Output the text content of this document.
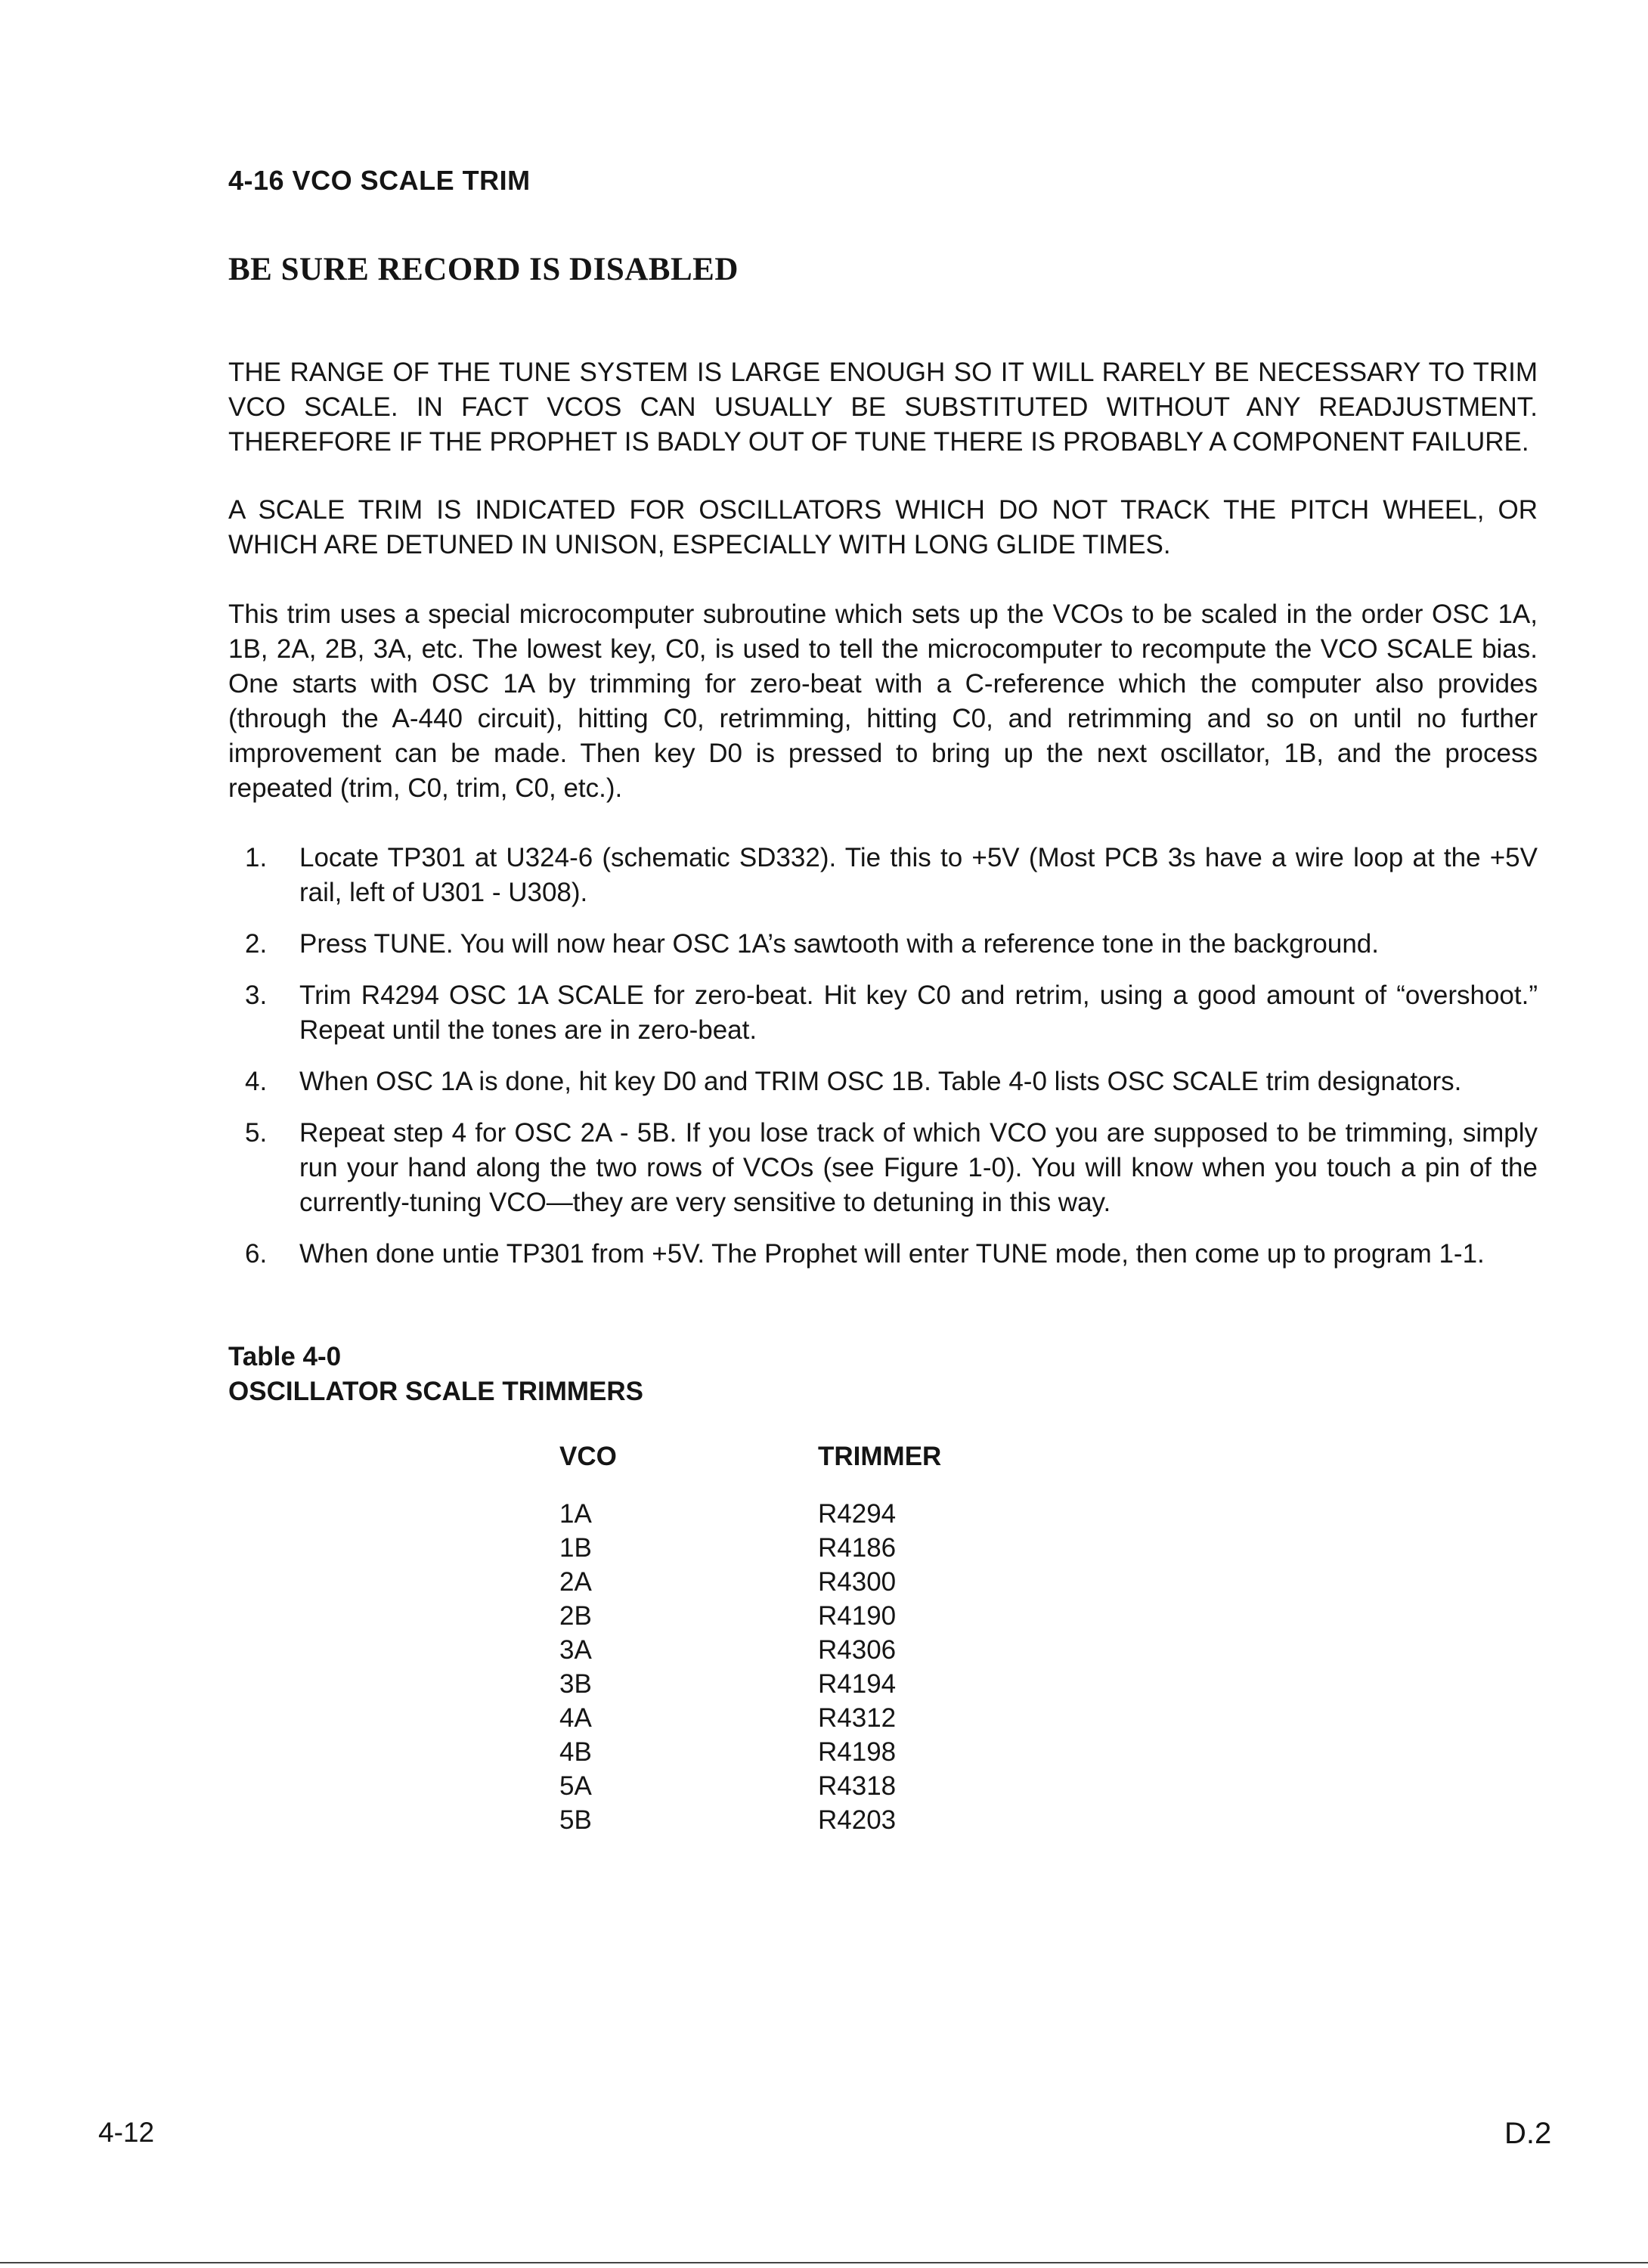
4-16 VCO SCALE TRIM
BE SURE RECORD IS DISABLED

THE RANGE OF THE TUNE SYSTEM IS LARGE ENOUGH SO IT WILL RARELY BE NECESSARY TO TRIM VCO SCALE. IN FACT VCOS CAN USUALLY BE SUBSTITUTED WITHOUT ANY READJUSTMENT. THEREFORE IF THE PROPHET IS BADLY OUT OF TUNE THERE IS PROBABLY A COMPONENT FAILURE.

A SCALE TRIM IS INDICATED FOR OSCILLATORS WHICH DO NOT TRACK THE PITCH WHEEL, OR WHICH ARE DETUNED IN UNISON, ESPECIALLY WITH LONG GLIDE TIMES.

This trim uses a special microcomputer subroutine which sets up the VCOs to be scaled in the order OSC 1A, 1B, 2A, 2B, 3A, etc. The lowest key, C0, is used to tell the microcomputer to recompute the VCO SCALE bias. One starts with OSC 1A by trimming for zero-beat with a C-reference which the computer also provides (through the A-440 circuit), hitting C0, retrimming, hitting C0, and retrimming and so on until no further improvement can be made. Then key D0 is pressed to bring up the next oscillator, 1B, and the process repeated (trim, C0, trim, C0, etc.).

1.	Locate TP301 at U324-6 (schematic SD332). Tie this to +5V (Most PCB 3s have a wire loop at the +5V rail, left of U301 - U308).
2.	Press TUNE. You will now hear OSC 1A’s sawtooth with a reference tone in the background.
3.	Trim R4294 OSC 1A SCALE for zero-beat. Hit key C0 and retrim, using a good amount of “overshoot.” Repeat until the tones are in zero-beat.
4.	When OSC 1A is done, hit key D0 and TRIM OSC 1B. Table 4-0 lists OSC SCALE trim designators.
5.	Repeat step 4 for OSC 2A - 5B. If you lose track of which VCO you are supposed to be trimming, simply run your hand along the two rows of VCOs (see Figure 1-0). You will know when you touch a pin of the currently-tuning VCO—they are very sensitive to detuning in this way.
6.	When done untie TP301 from +5V. The Prophet will enter TUNE mode, then come up to program 1-1.

Table 4-0

OSCILLATOR SCALE TRIMMERS

VCO	TRIMMER
1A	R4294
1B	R4186
2A	R4300
2B	R4190
3A	R4306
3B	R4194
4A	R4312
4B	R4198
5A	R4318
5B	R4203

4-12	D.2
